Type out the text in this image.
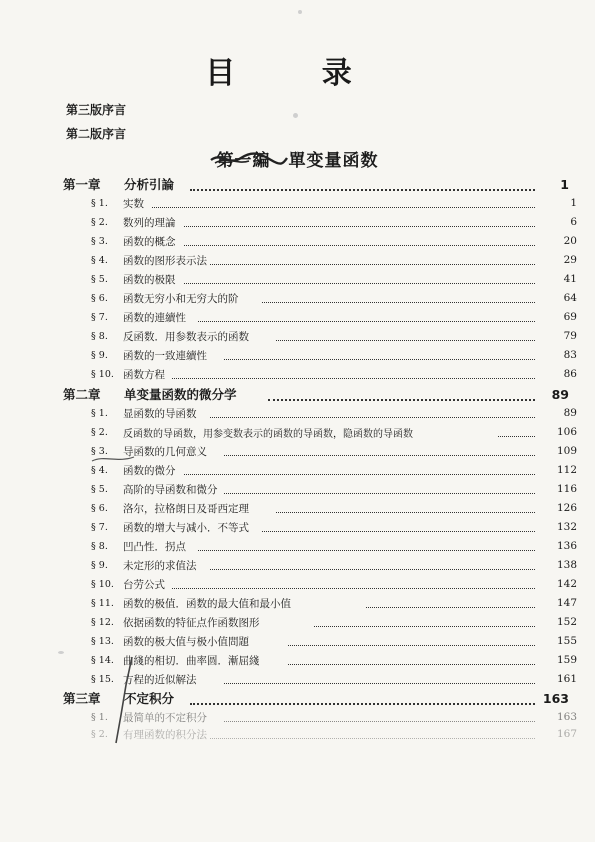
目 录
第三版序言
第二版序言
第一編　單变量函数
第一章 分析引論	1
§ 1. 实数	1
§ 2. 数列的理論	6
§ 3. 函数的概念	20
§ 4. 函数的图形表示法	29
§ 5. 函数的极限	41
§ 6. 函数无穷小和无穷大的阶	64
§ 7. 函数的連續性	69
§ 8. 反函数．用参数表示的函数	79
§ 9. 函数的一致連續性	83
§ 10. 函数方程	86
第二章 单变量函数的微分学	89
§ 1. 显函数的导函数	89
§ 2. 反函数的导函数，用参变数表示的函数的导函数，隐函数的导函数	106
§ 3. 导函数的几何意义	109
§ 4. 函数的微分	112
§ 5. 高阶的导函数和微分	116
§ 6. 洛尔，拉格朗日及哥西定理	126
§ 7. 函数的增大与减小．不等式	132
§ 8. 凹凸性．拐点	136
§ 9. 未定形的求值法	138
§ 10. 台劳公式	142
§ 11. 函数的极值．函数的最大值和最小值	147
§ 12. 依据函数的特征点作函数图形	152
§ 13. 函数的极大值与极小值問題	155
§ 14. 曲綫的相切．曲率圆．漸屈綫	159
§ 15. 方程的近似解法	161
第三章 不定积分	163
§ 1. 最简单的不定积分	163
§ 2. 有理函数的积分法	167
